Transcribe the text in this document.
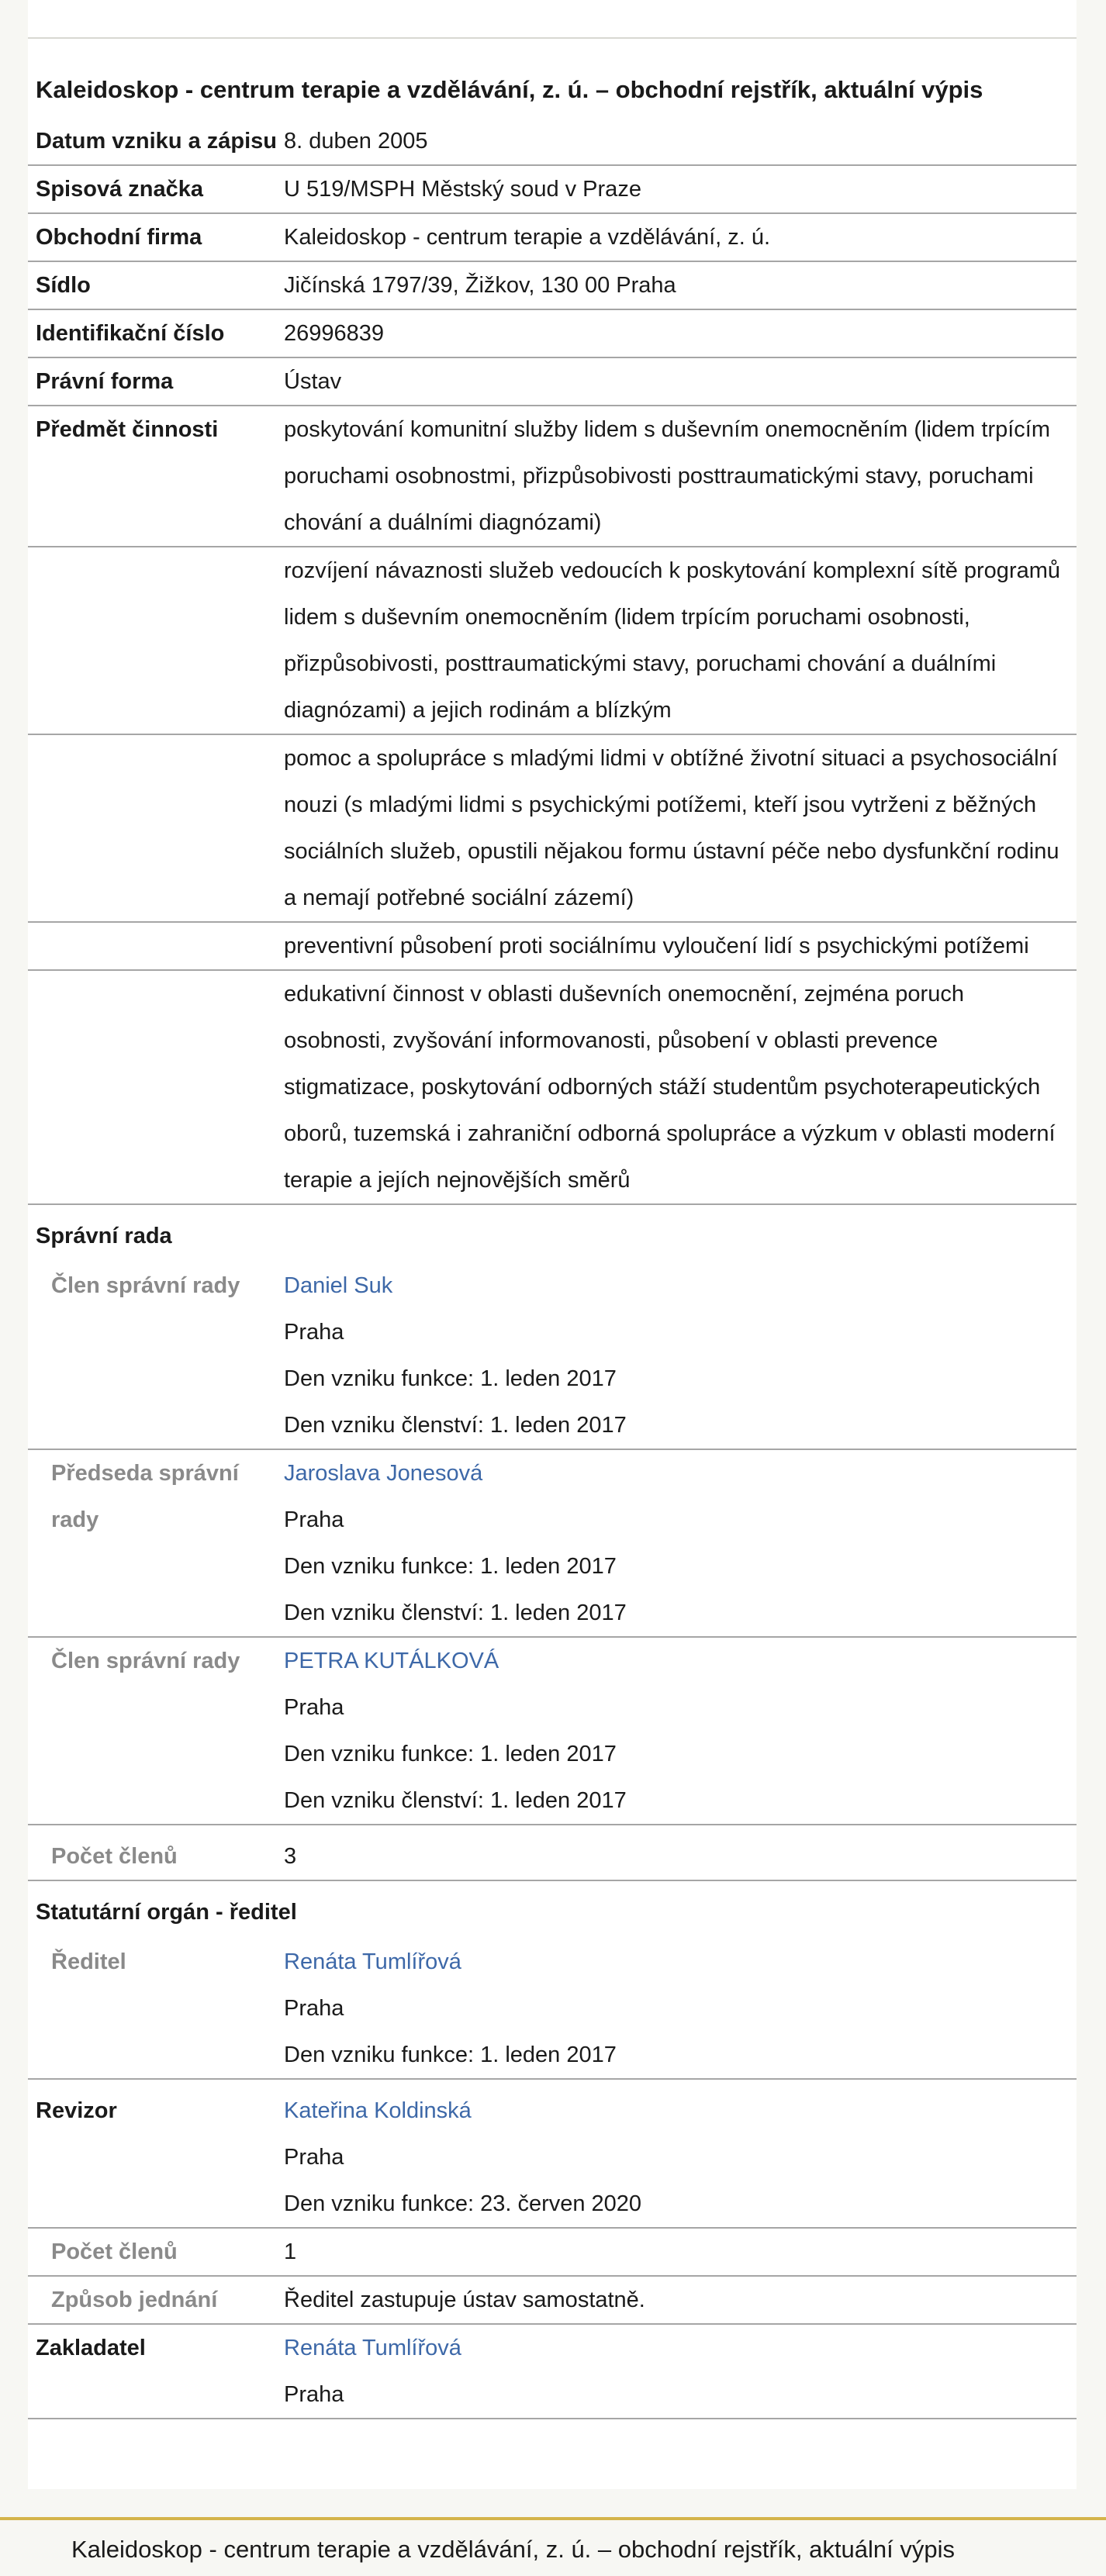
Kaleidoskop - centrum terapie a vzdělávání, z. ú. – obchodní rejstřík, aktuální výpis
Datum vzniku a zápisu	8. duben 2005
Spisová značka	U 519/MSPH Městský soud v Praze
Obchodní firma	Kaleidoskop - centrum terapie a vzdělávání, z. ú.
Sídlo	Jičínská 1797/39, Žižkov, 130 00 Praha
Identifikační číslo	26996839
Právní forma	Ústav
Předmět činnosti	poskytování komunitní služby lidem s duševním onemocněním (lidem trpícím poruchami osobnostmi, přizpůsobivosti posttraumatickými stavy, poruchami chování a duálními diagnózami)
	rozvíjení návaznosti služeb vedoucích k poskytování komplexní sítě programů lidem s duševním onemocněním (lidem trpícím poruchami osobnosti, přizpůsobivosti, posttraumatickými stavy, poruchami chování a duálními diagnózami) a jejich rodinám a blízkým
	pomoc a spolupráce s mladými lidmi v obtížné životní situaci a psychosociální nouzi (s mladými lidmi s psychickými potížemi, kteří jsou vytrženi z běžných sociálních služeb, opustili nějakou formu ústavní péče nebo dysfunkční rodinu a nemají potřebné sociální zázemí)
	preventivní působení proti sociálnímu vyloučení lidí s psychickými potížemi
	edukativní činnost v oblasti duševních onemocnění, zejména poruch osobnosti, zvyšování informovanosti, působení v oblasti prevence stigmatizace, poskytování odborných stáží studentům psychoterapeutických oborů, tuzemská i zahraniční odborná spolupráce a výzkum v oblasti moderní terapie a jejích nejnovějších směrů
Správní rada	
Člen správní rady	Daniel Suk
Praha
Den vzniku funkce: 1. leden 2017
Den vzniku členství: 1. leden 2017

Předseda správní rady	Jaroslava Jonesová
Praha
Den vzniku funkce: 1. leden 2017
Den vzniku členství: 1. leden 2017

Člen správní rady	PETRA KUTÁLKOVÁ
Praha
Den vzniku funkce: 1. leden 2017
Den vzniku členství: 1. leden 2017

Počet členů	3
Statutární orgán - ředitel	
Ředitel	Renáta Tumlířová
Praha
Den vzniku funkce: 1. leden 2017

Revizor	Kateřina Koldinská
Praha
Den vzniku funkce: 23. červen 2020

Počet členů	1
Způsob jednání	Ředitel zastupuje ústav samostatně.
Zakladatel	Renáta Tumlířová
Praha
Kaleidoskop - centrum terapie a vzdělávání, z. ú. – obchodní rejstřík, aktuální výpis
